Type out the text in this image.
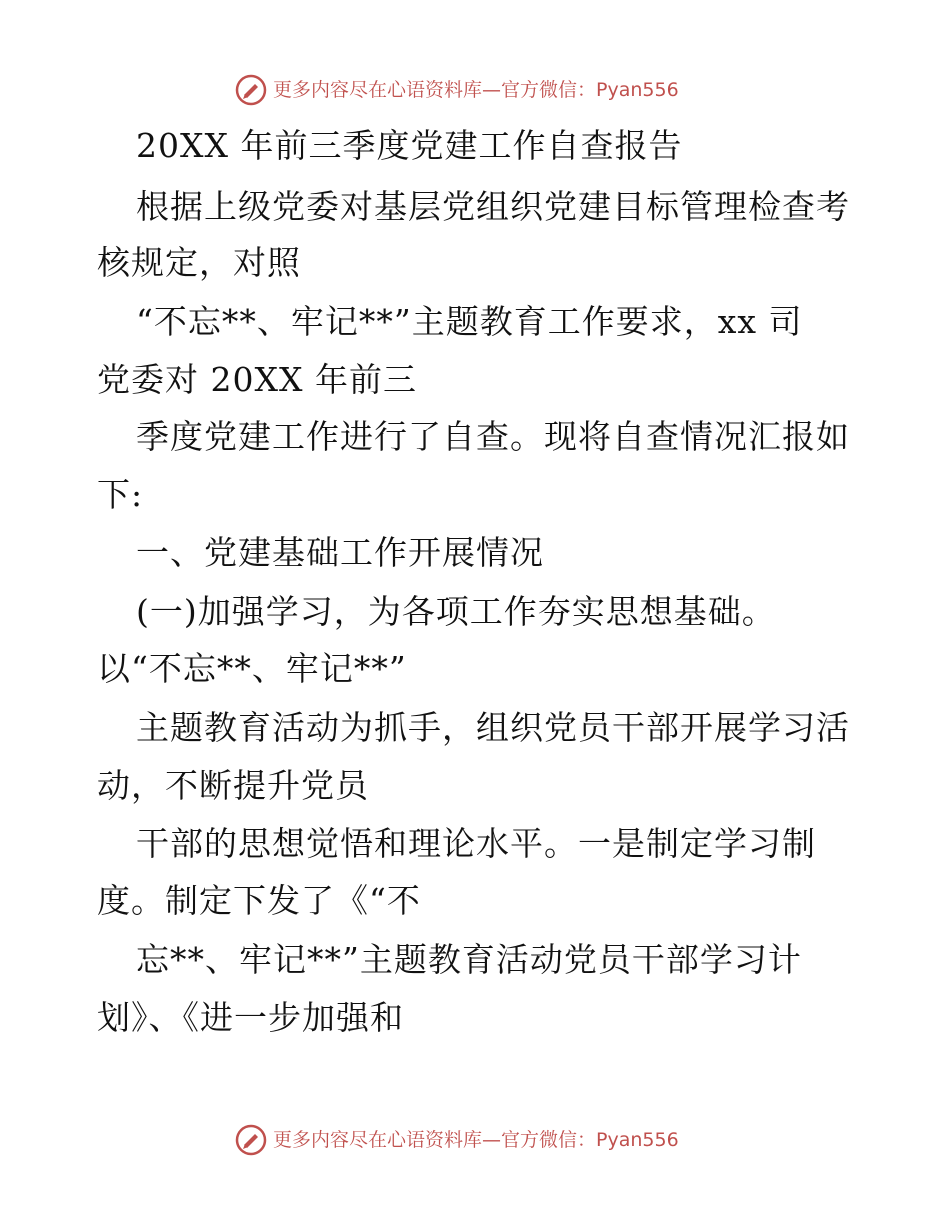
更多内容尽在心语资料库—官方微信：Pyan556
20XX 年前三季度党建工作自查报告
根据上级党委对基层党组织党建目标管理检查考
核规定，对照
“不忘**、牢记**”主题教育工作要求，xx 司
党委对 20XX 年前三
季度党建工作进行了自查。现将自查情况汇报如
下:
一、党建基础工作开展情况
(一)加强学习，为各项工作夯实思想基础。
以“不忘**、牢记**”
主题教育活动为抓手，组织党员干部开展学习活
动，不断提升党员
干部的思想觉悟和理论水平。一是制定学习制
度。制定下发了《“不
忘**、牢记**”主题教育活动党员干部学习计
划》、《进一步加强和
更多内容尽在心语资料库—官方微信：Pyan556
